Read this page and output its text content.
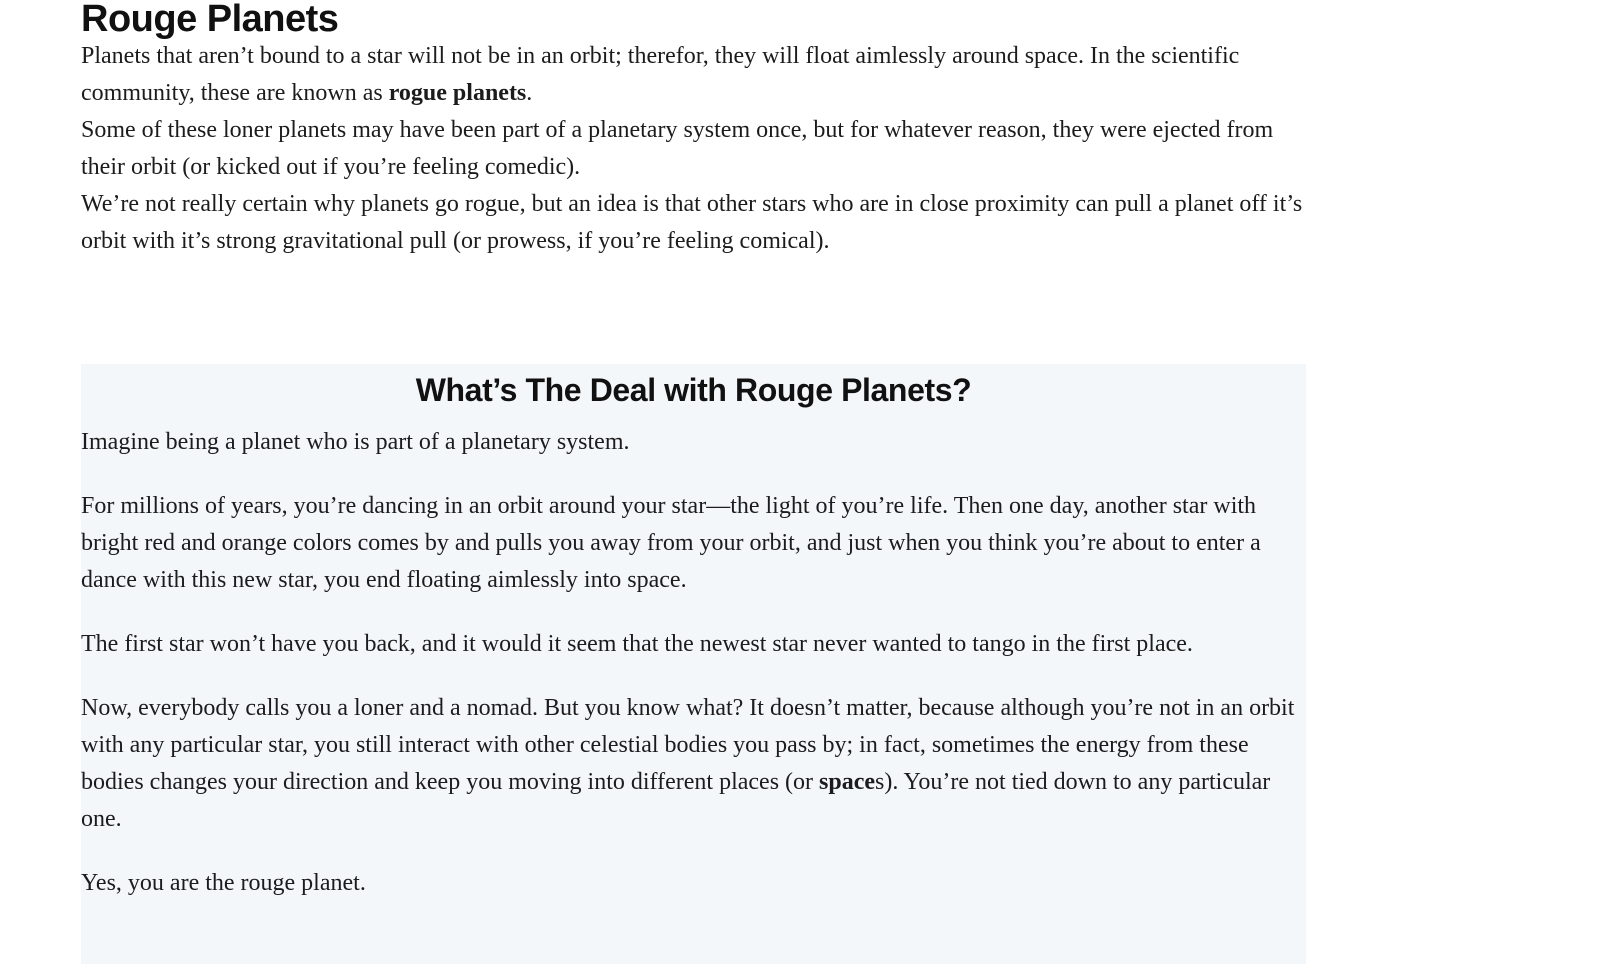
Rouge Planets

Planets that aren’t bound to a star will not be in an orbit; therefor, they will float aimlessly around space. In the scientific community, these are known as rogue planets.

Some of these loner planets may have been part of a planetary system once, but for whatever reason, they were ejected from their orbit (or kicked out if you’re feeling comedic).

We’re not really certain why planets go rogue, but an idea is that other stars who are in close proximity can pull a planet off it’s orbit with it’s strong gravitational pull (or prowess, if you’re feeling comical).

What’s The Deal with Rouge Planets?

Imagine being a planet who is part of a planetary system.

For millions of years, you’re dancing in an orbit around your star—the light of you’re life. Then one day, another star with bright red and orange colors comes by and pulls you away from your orbit, and just when you think you’re about to enter a dance with this new star, you end floating aimlessly into space.

The first star won’t have you back, and it would it seem that the newest star never wanted to tango in the first place.

Now, everybody calls you a loner and a nomad. But you know what? It doesn’t matter, because although you’re not in an orbit with any particular star, you still interact with other celestial bodies you pass by; in fact, sometimes the energy from these bodies changes your direction and keep you moving into different places (or spaces). You’re not tied down to any particular one.

Yes, you are the rouge planet.
